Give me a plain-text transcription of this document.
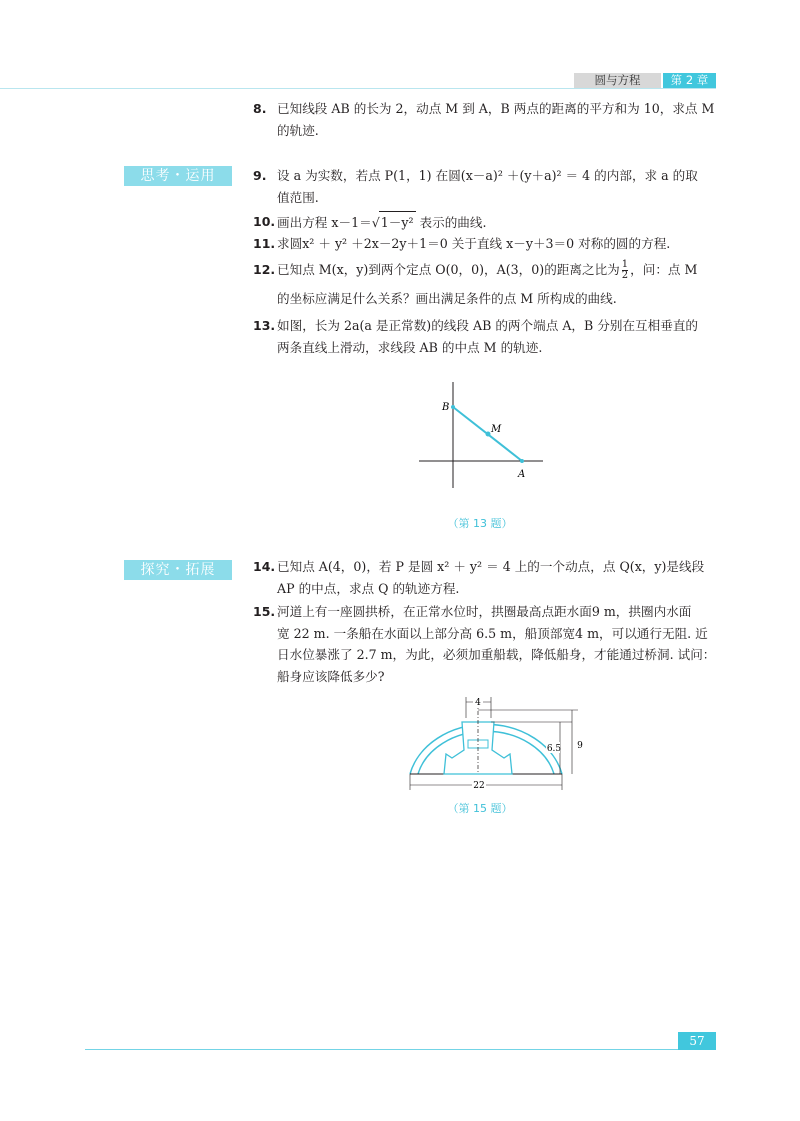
圆与方程	第 2 章
8. 已知线段 AB 的长为 2，动点 M 到 A，B 两点的距离的平方和为 10，求点 M
的轨迹.
思考・运用	9. 设 a 为实数，若点 P(1，1) 在圆(x－a)² ＋(y＋a)² ＝ 4 的内部，求 a 的取
值范围.
10. 画出方程 x－1＝√1－y² 表示的曲线.
11. 求圆x² ＋ y² ＋2x－2y＋1＝0 关于直线 x－y＋3＝0 对称的圆的方程.
12. 已知点 M(x，y)到两个定点 O(0，0)，A(3，0)的距离之比为 $\frac{1}{2}$ ，问：点 M
的坐标应满足什么关系？画出满足条件的点 M 所构成的曲线.
13. 如图，长为 2a(a 是正常数)的线段 AB 的两个端点 A，B 分别在互相垂直的
两条直线上滑动，求线段 AB 的中点 M 的轨迹.
B
M
A
（第 13 题）
探究・拓展	14. 已知点 A(4，0)，若 P 是圆 x² ＋ y² ＝ 4 上的一个动点，点 Q(x，y)是线段
AP 的中点，求点 Q 的轨迹方程.
15. 河道上有一座圆拱桥，在正常水位时，拱圈最高点距水面9 m，拱圈内水面
宽 22 m. 一条船在水面以上部分高 6.5 m，船顶部宽4 m，可以通行无阻. 近
日水位暴涨了 2.7 m，为此，必须加重船载，降低船身，才能通过桥洞. 试问：
船身应该降低多少?
4
6.5 9
22
（第 15 题）
57
